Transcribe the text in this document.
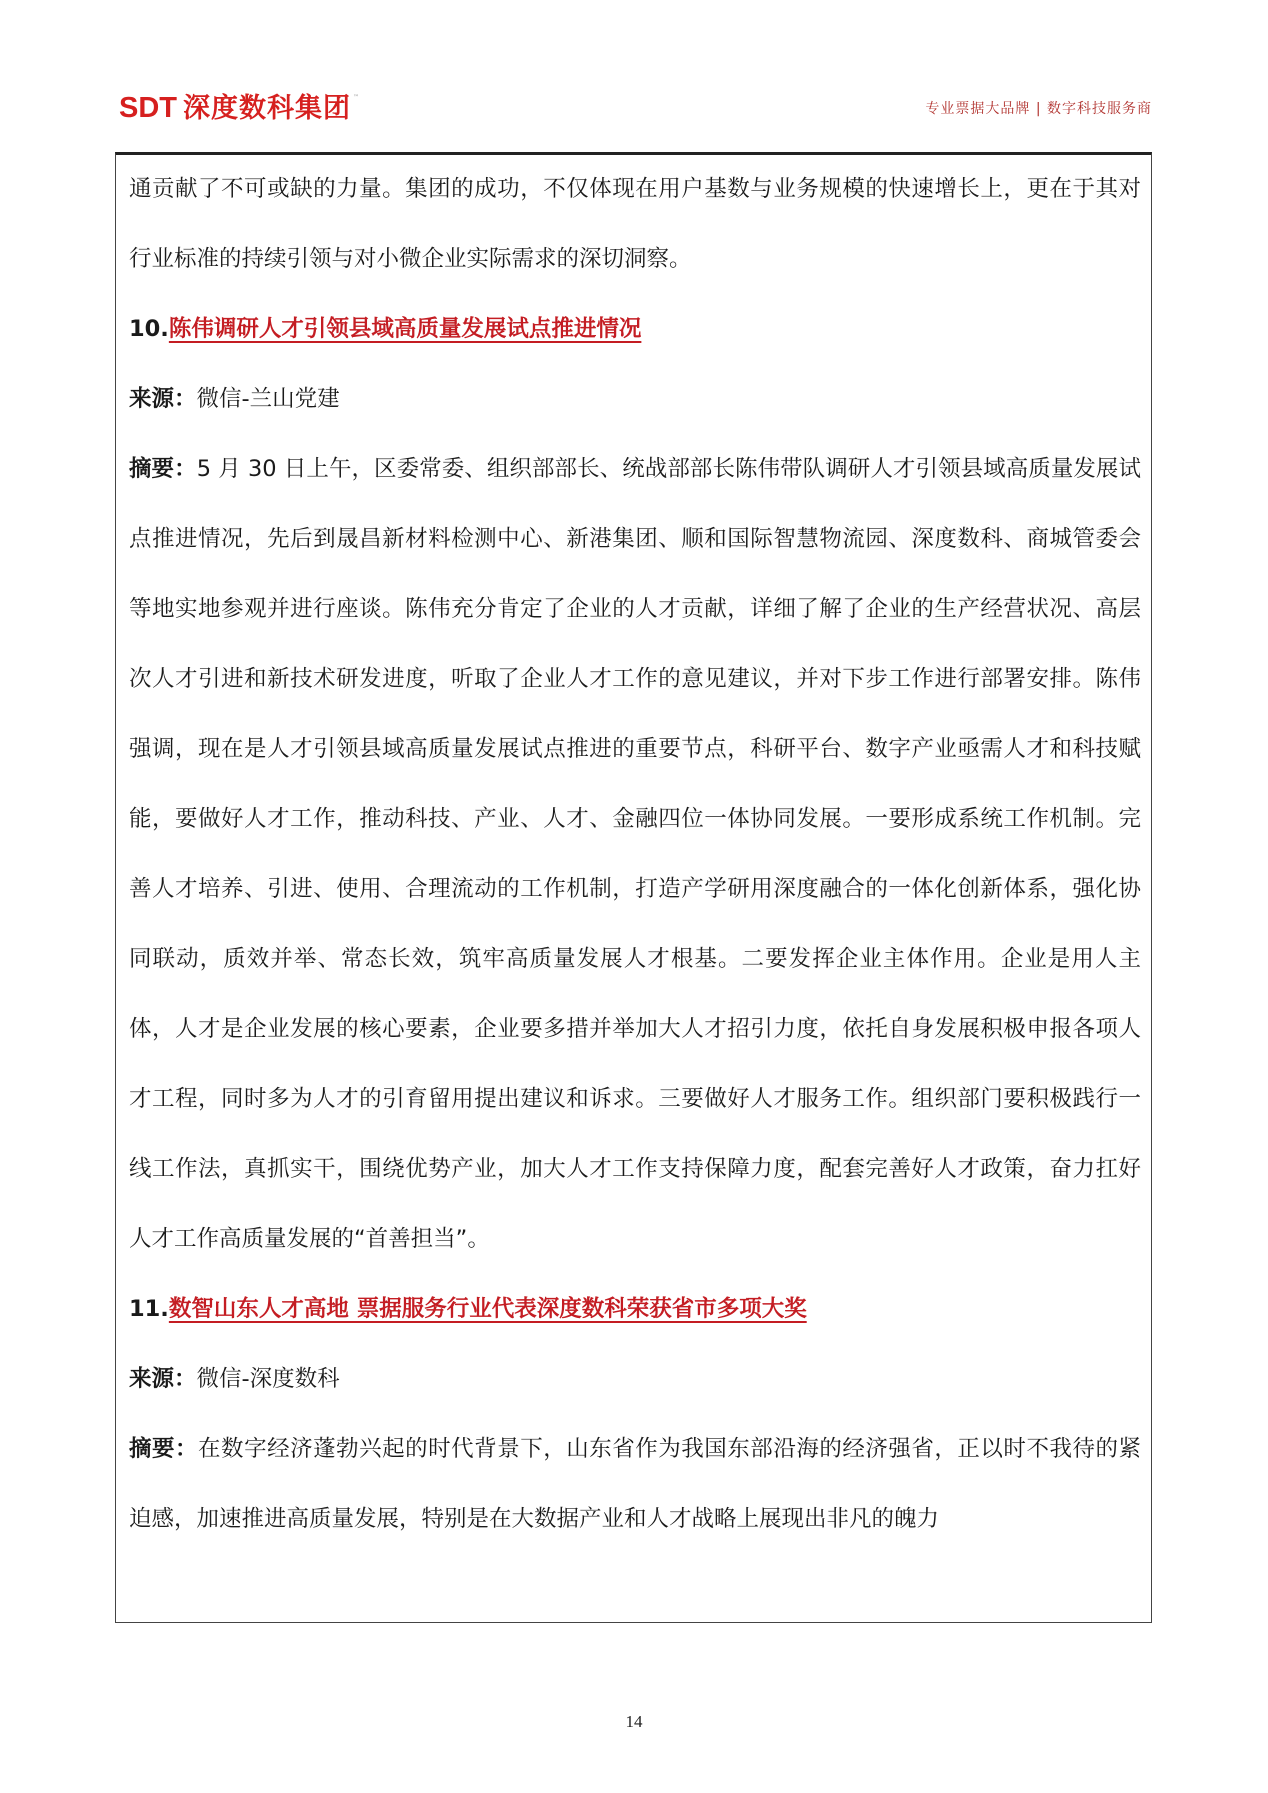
SDT 深度数科集团 ™
专业票据大品牌 | 数字科技服务商

通贡献了不可或缺的力量。集团的成功，不仅体现在用户基数与业务规模的快速增长上，更在于其对行业标准的持续引领与对小微企业实际需求的深切洞察。

10.陈伟调研人才引领县域高质量发展试点推进情况

来源：微信-兰山党建

摘要：5 月 30 日上午，区委常委、组织部部长、统战部部长陈伟带队调研人才引领县域高质量发展试点推进情况，先后到晟昌新材料检测中心、新港集团、顺和国际智慧物流园、深度数科、商城管委会等地实地参观并进行座谈。陈伟充分肯定了企业的人才贡献，详细了解了企业的生产经营状况、高层次人才引进和新技术研发进度，听取了企业人才工作的意见建议，并对下步工作进行部署安排。陈伟强调，现在是人才引领县域高质量发展试点推进的重要节点，科研平台、数字产业亟需人才和科技赋能，要做好人才工作，推动科技、产业、人才、金融四位一体协同发展。一要形成系统工作机制。完善人才培养、引进、使用、合理流动的工作机制，打造产学研用深度融合的一体化创新体系，强化协同联动，质效并举、常态长效，筑牢高质量发展人才根基。二要发挥企业主体作用。企业是用人主体，人才是企业发展的核心要素，企业要多措并举加大人才招引力度，依托自身发展积极申报各项人才工程，同时多为人才的引育留用提出建议和诉求。三要做好人才服务工作。组织部门要积极践行一线工作法，真抓实干，围绕优势产业，加大人才工作支持保障力度，配套完善好人才政策，奋力扛好人才工作高质量发展的“首善担当”。

11.数智山东人才高地 票据服务行业代表深度数科荣获省市多项大奖

来源：微信-深度数科

摘要：在数字经济蓬勃兴起的时代背景下，山东省作为我国东部沿海的经济强省，正以时不我待的紧迫感，加速推进高质量发展，特别是在大数据产业和人才战略上展现出非凡的魄力

14
